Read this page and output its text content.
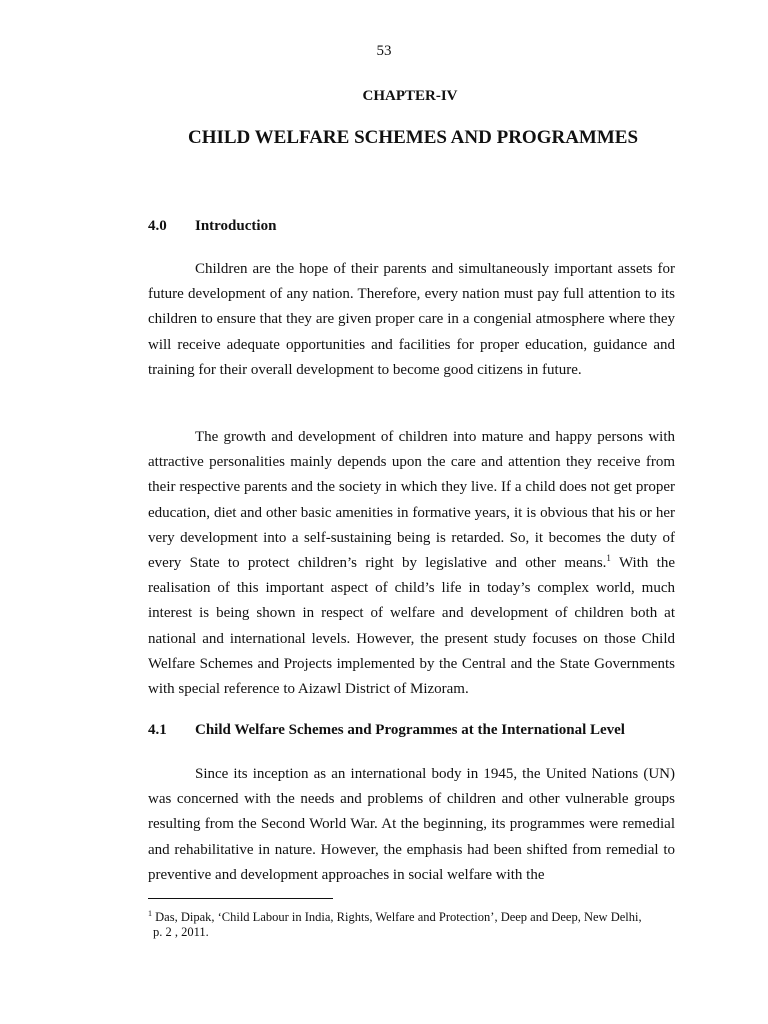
53
CHAPTER-IV
CHILD WELFARE SCHEMES AND PROGRAMMES
4.0 Introduction

Children are the hope of their parents and simultaneously important assets for future development of any nation. Therefore, every nation must pay full attention to its children to ensure that they are given proper care in a congenial atmosphere where they will receive adequate opportunities and facilities for proper education, guidance and training for their overall development to become good citizens in future.

The growth and development of children into mature and happy persons with attractive personalities mainly depends upon the care and attention they receive from their respective parents and the society in which they live. If a child does not get proper education, diet and other basic amenities in formative years, it is obvious that his or her very development into a self-sustaining being is retarded. So, it becomes the duty of every State to protect children’s right by legislative and other means.$^1$ With the realisation of this important aspect of child’s life in today’s complex world, much interest is being shown in respect of welfare and development of children both at national and international levels. However, the present study focuses on those Child Welfare Schemes and Projects implemented by the Central and the State Governments with special reference to Aizawl District of Mizoram.

4.1 Child Welfare Schemes and Programmes at the International Level

Since its inception as an international body in 1945, the United Nations (UN) was concerned with the needs and problems of children and other vulnerable groups resulting from the Second World War. At the beginning, its programmes were remedial and rehabilitative in nature. However, the emphasis had been shifted from remedial to preventive and development approaches in social welfare with the

$^1$ Das, Dipak, ‘Child Labour in India, Rights, Welfare and Protection’, Deep and Deep, New Delhi,
p. 2 , 2011.
